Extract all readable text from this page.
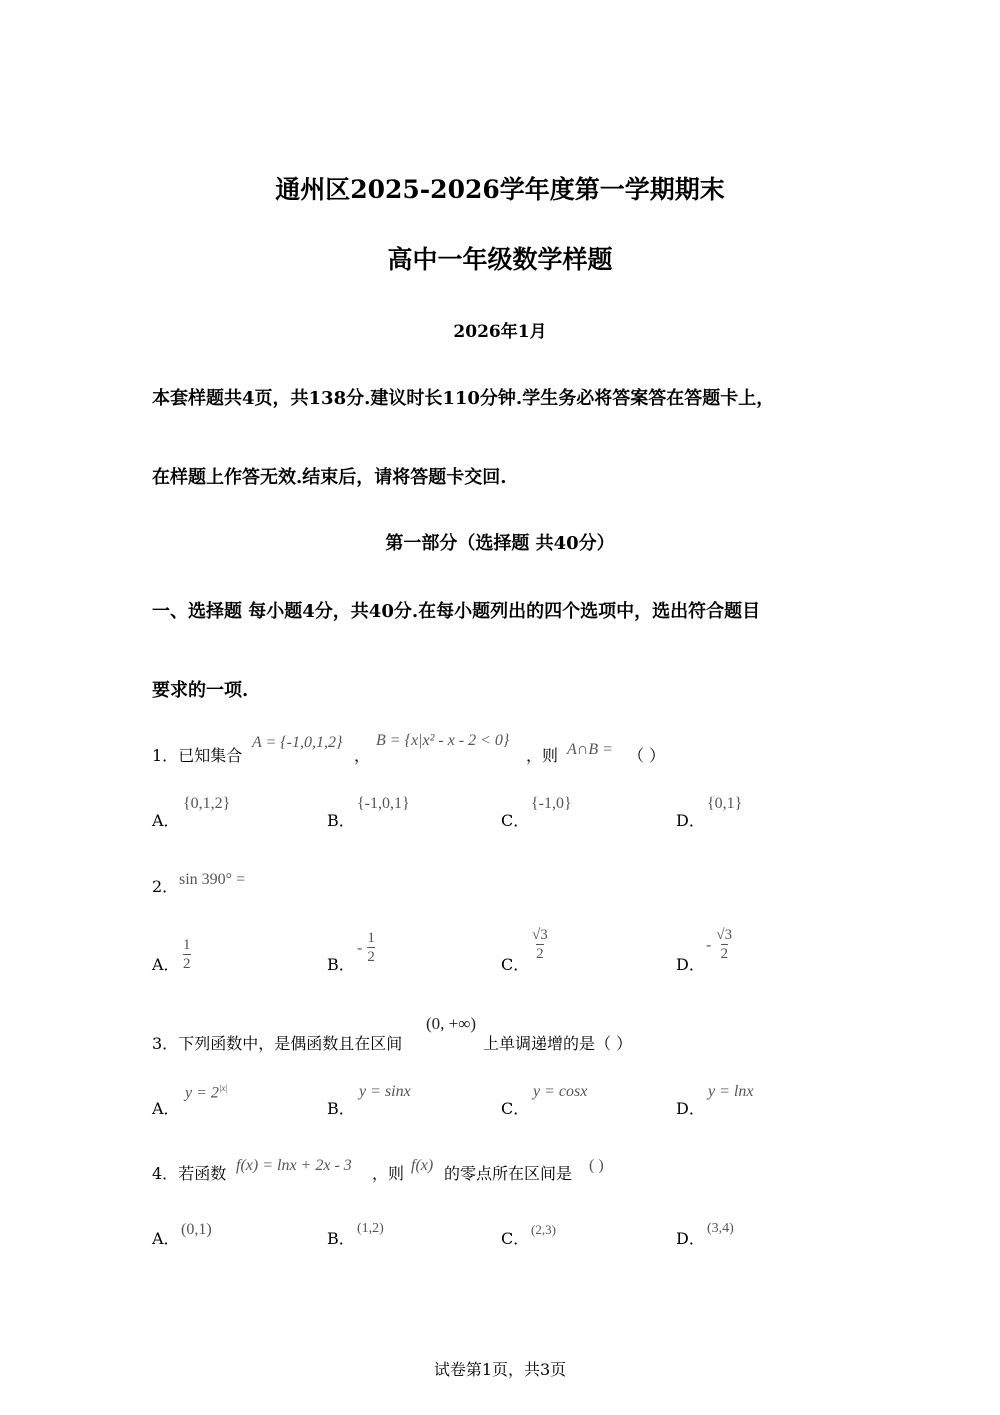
通州区2025-2026学年度第一学期期末
高中一年级数学样题
2026年1月
本套样题共4页，共138分.建议时长110分钟.学生务必将答案答在答题卡上，
在样题上作答无效.结束后，请将答题卡交回.
第一部分（选择题 共40分）
一、选择题 每小题4分，共40分.在每小题列出的四个选项中，选出符合题目
要求的一项.
1．已知集合
A = {-1,0,1,2}
，
B = {x|x² - x - 2 < 0}
，则 A∩B = （ ）
A．
{0,1,2}
B．
{-1,0,1}
C．
{-1,0}
D．
{0,1}
2． sin 390° =
A． $\frac{1}{2}$	B．
- $\frac{1}{2}$	C．
$\frac{√3}{2}$
D．
- $\frac{√3}{2}$
3．下列函数中，是偶函数且在区间
(0, +∞)
上单调递增的是（ ）
A．
$y = 2^{|x|}$
B．
y = sinx
C．
y = cosx
D．
y = lnx
4．若函数 f(x) = lnx + 2x - 3 ，则 f(x) 的零点所在区间是 ( )
A． (0,1)	B．
(1,2)
C． (2,3)	D．
(3,4)
试卷第1页，共3页
